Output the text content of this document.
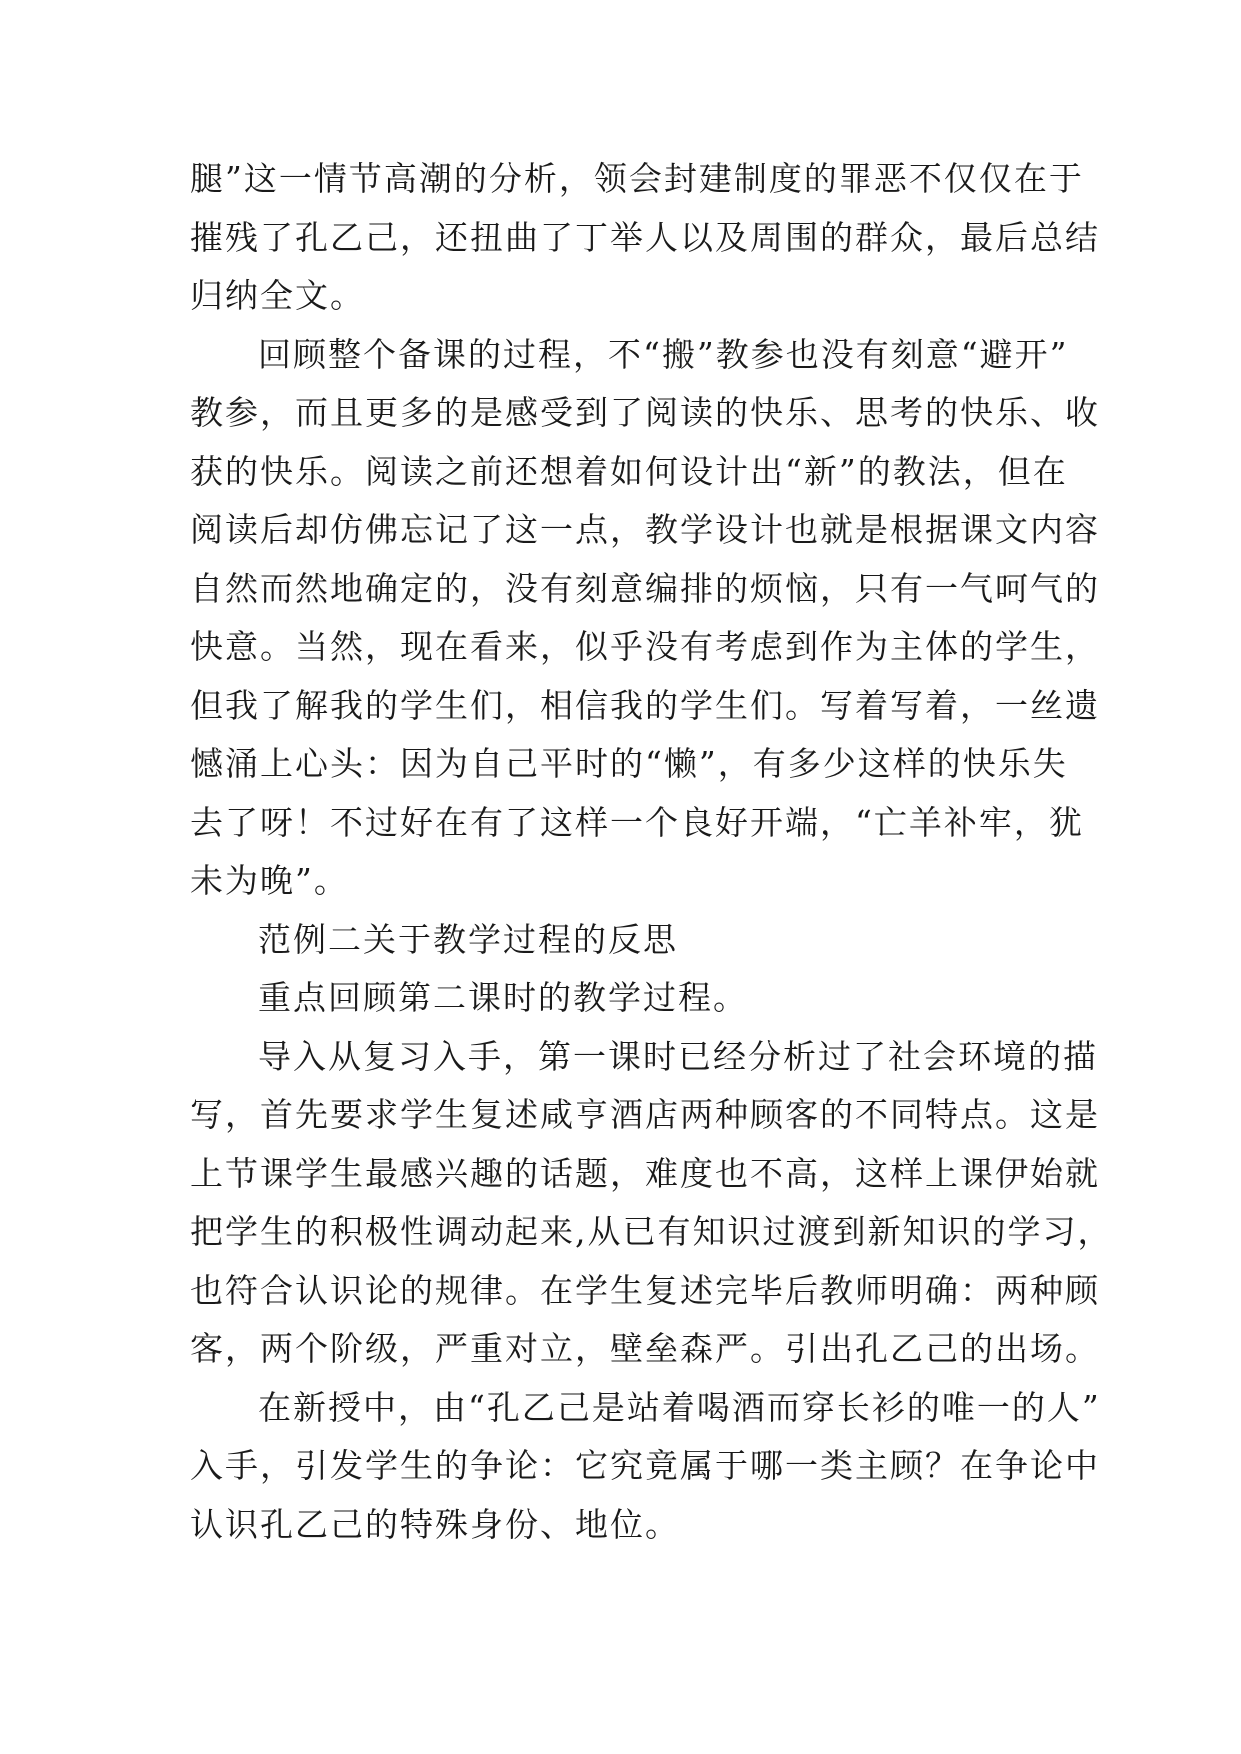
腿”这一情节高潮的分析，领会封建制度的罪恶不仅仅在于
摧残了孔乙己，还扭曲了丁举人以及周围的群众，最后总结
归纳全文。
回顾整个备课的过程，不“搬”教参也没有刻意“避开”
教参，而且更多的是感受到了阅读的快乐、思考的快乐、收
获的快乐。阅读之前还想着如何设计出“新”的教法，但在
阅读后却仿佛忘记了这一点，教学设计也就是根据课文内容
自然而然地确定的，没有刻意编排的烦恼，只有一气呵气的
快意。当然，现在看来，似乎没有考虑到作为主体的学生，
但我了解我的学生们，相信我的学生们。写着写着，一丝遗
憾涌上心头：因为自己平时的“懒”，有多少这样的快乐失
去了呀！不过好在有了这样一个良好开端，“亡羊补牢，犹
未为晚”。
范例二关于教学过程的反思
重点回顾第二课时的教学过程。
导入从复习入手，第一课时已经分析过了社会环境的描
写，首先要求学生复述咸亨酒店两种顾客的不同特点。这是
上节课学生最感兴趣的话题，难度也不高，这样上课伊始就
把学生的积极性调动起来,从已有知识过渡到新知识的学习，
也符合认识论的规律。在学生复述完毕后教师明确：两种顾
客，两个阶级，严重对立，壁垒森严。引出孔乙己的出场。
在新授中，由“孔乙己是站着喝酒而穿长衫的唯一的人”
入手，引发学生的争论：它究竟属于哪一类主顾？在争论中
认识孔乙己的特殊身份、地位。
